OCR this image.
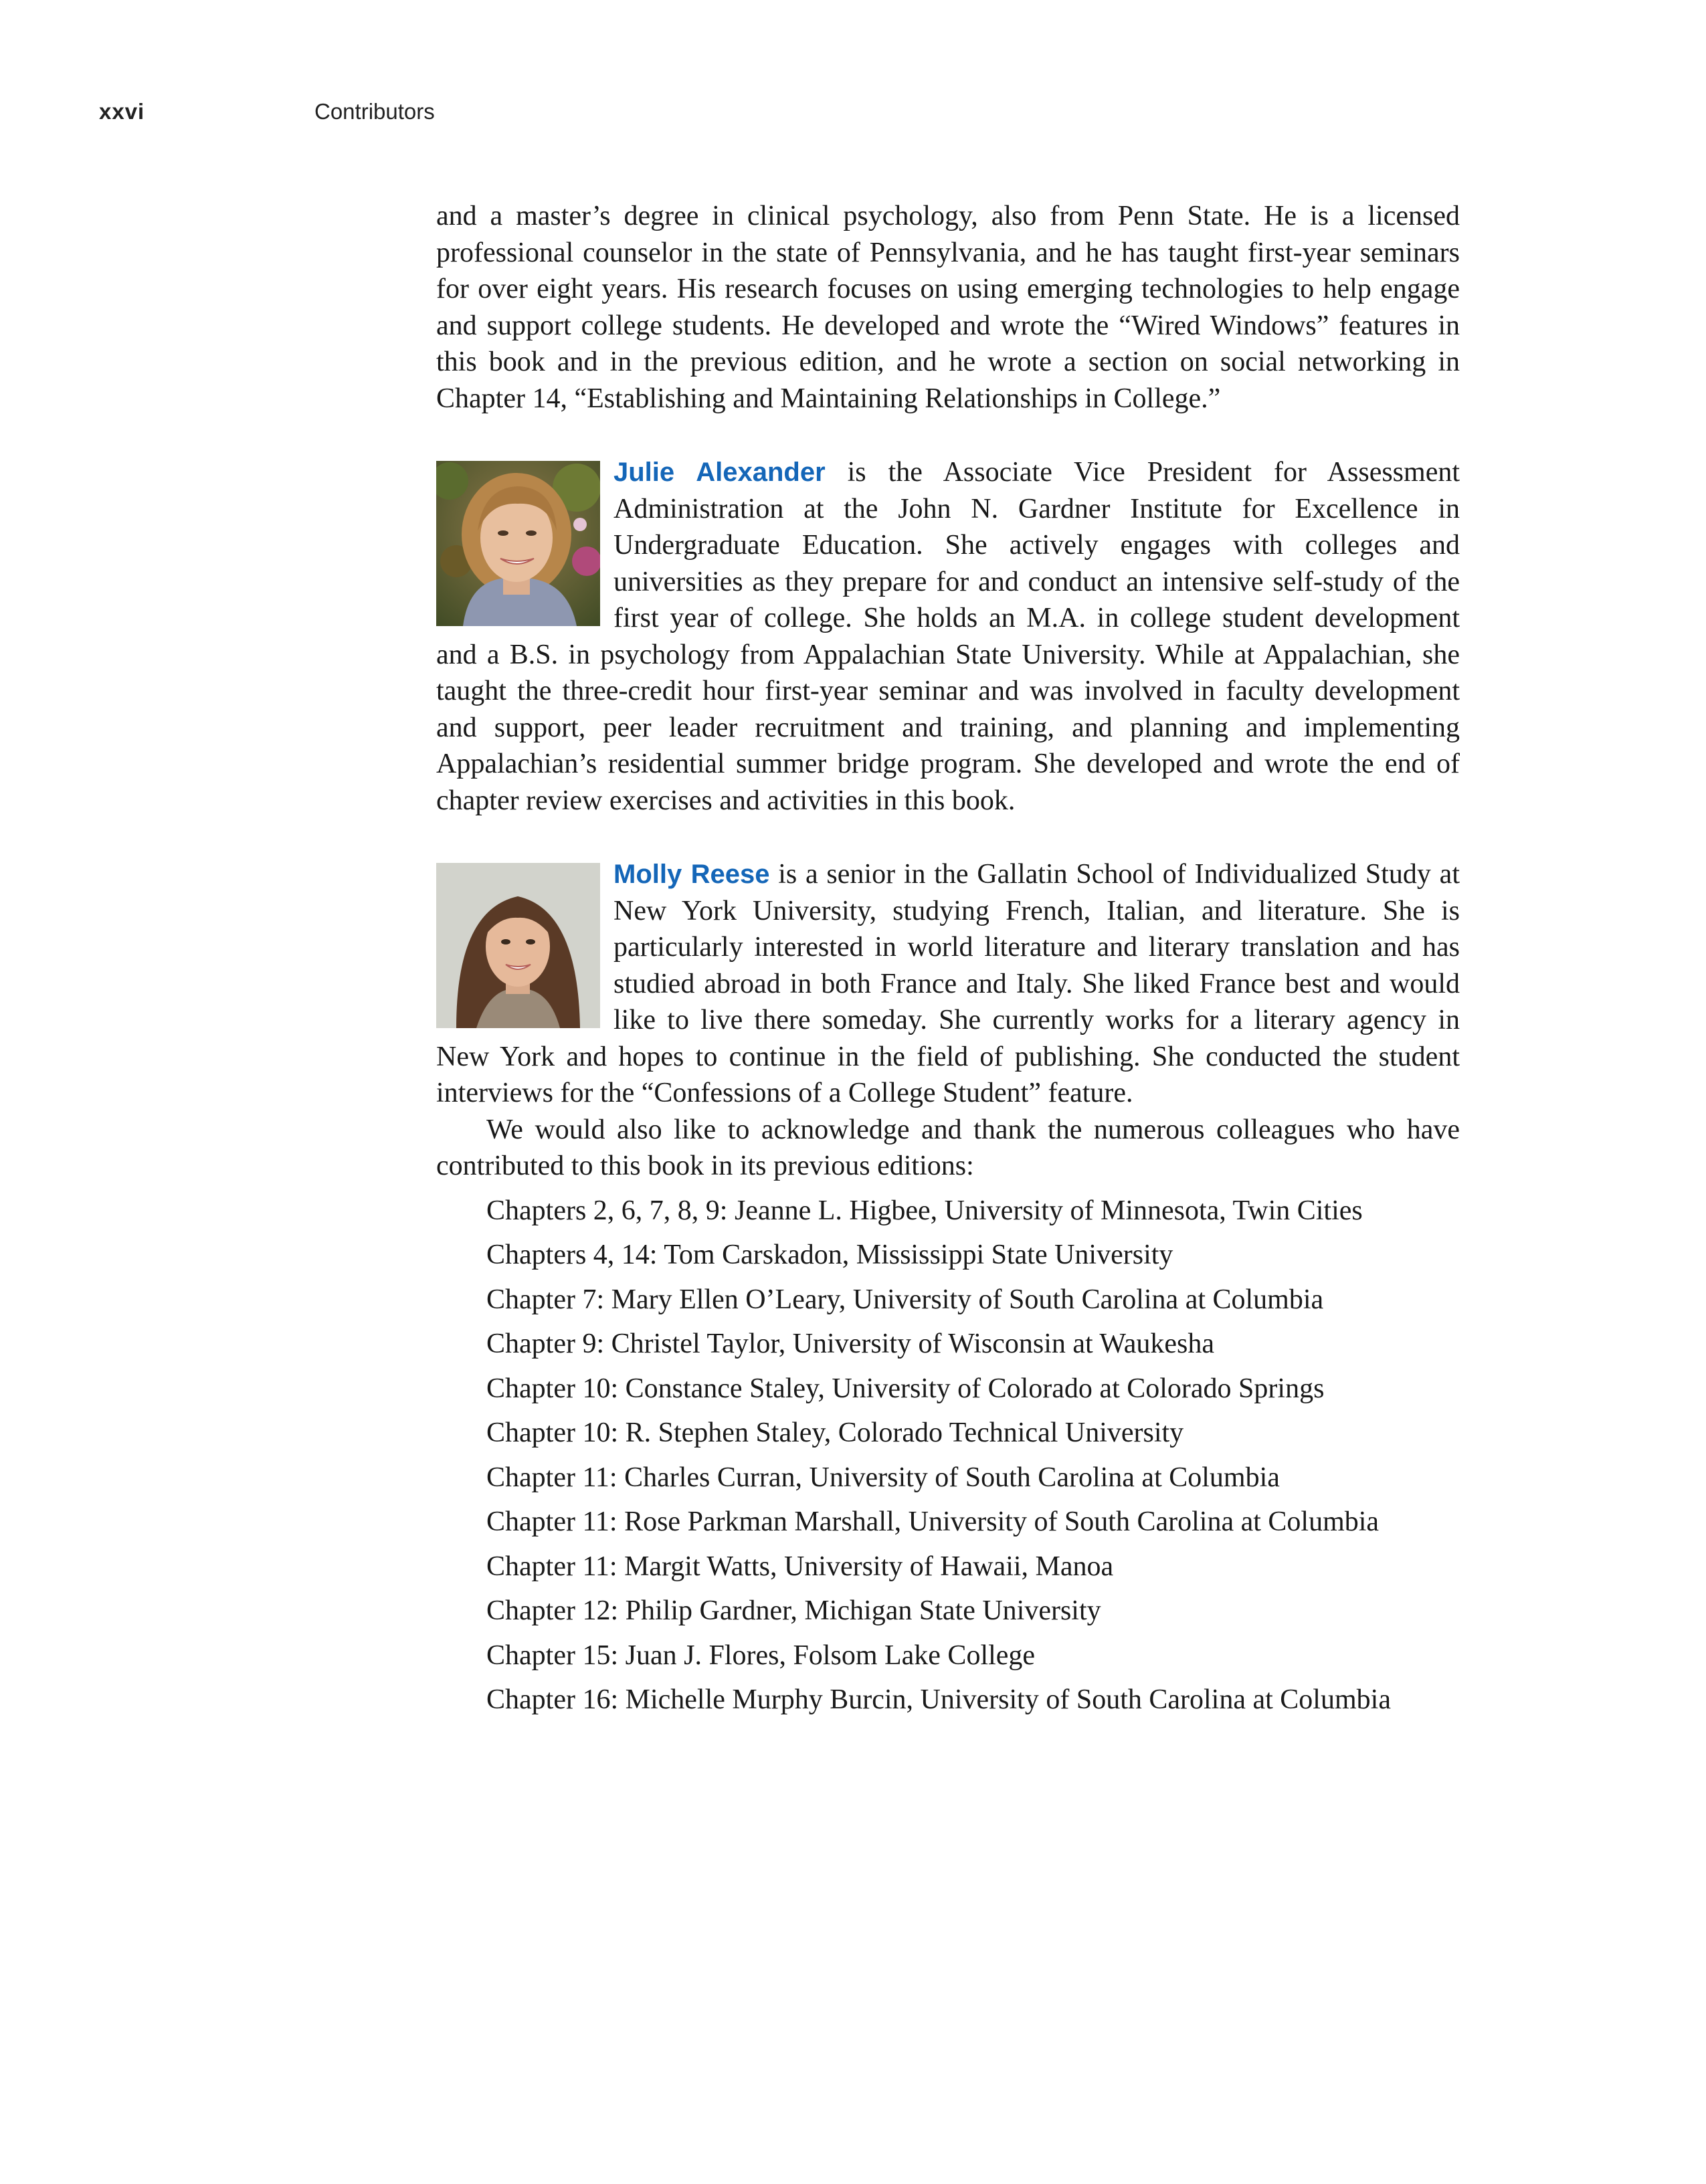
xxvi	Contributors

and a master’s degree in clinical psychology, also from Penn State. He is a licensed professional counselor in the state of Pennsylvania, and he has taught first-year seminars for over eight years. His research focuses on using emerging technologies to help engage and support college students. He developed and wrote the “Wired Windows” features in this book and in the previous edition, and he wrote a section on social networking in Chapter 14, “Establishing and Maintaining Relationships in College.”

Julie Alexander is the Associate Vice President for Assessment Administration at the John N. Gardner Institute for Excellence in Undergraduate Education. She actively engages with colleges and universities as they prepare for and conduct an intensive self-study of the first year of college. She holds an M.A. in college student development and a B.S. in psychology from Appalachian State University. While at Appalachian, she taught the three-credit hour first-year seminar and was involved in faculty development and support, peer leader recruitment and training, and planning and implementing Appalachian’s residential summer bridge program. She developed and wrote the end of chapter review exercises and activities in this book.

Molly Reese is a senior in the Gallatin School of Individualized Study at New York University, studying French, Italian, and literature. She is particularly interested in world literature and literary translation and has studied abroad in both France and Italy. She liked France best and would like to live there someday. She currently works for a literary agency in New York and hopes to continue in the field of publishing. She conducted the student interviews for the “Confessions of a College Student” feature.

We would also like to acknowledge and thank the numerous colleagues who have contributed to this book in its previous editions:

Chapters 2, 6, 7, 8, 9: Jeanne L. Higbee, University of Minnesota, Twin Cities
Chapters 4, 14: Tom Carskadon, Mississippi State University
Chapter 7: Mary Ellen O’Leary, University of South Carolina at Columbia
Chapter 9: Christel Taylor, University of Wisconsin at Waukesha
Chapter 10: Constance Staley, University of Colorado at Colorado Springs
Chapter 10: R. Stephen Staley, Colorado Technical University
Chapter 11: Charles Curran, University of South Carolina at Columbia
Chapter 11: Rose Parkman Marshall, University of South Carolina at Columbia
Chapter 11: Margit Watts, University of Hawaii, Manoa
Chapter 12: Philip Gardner, Michigan State University
Chapter 15: Juan J. Flores, Folsom Lake College
Chapter 16: Michelle Murphy Burcin, University of South Carolina at Columbia
